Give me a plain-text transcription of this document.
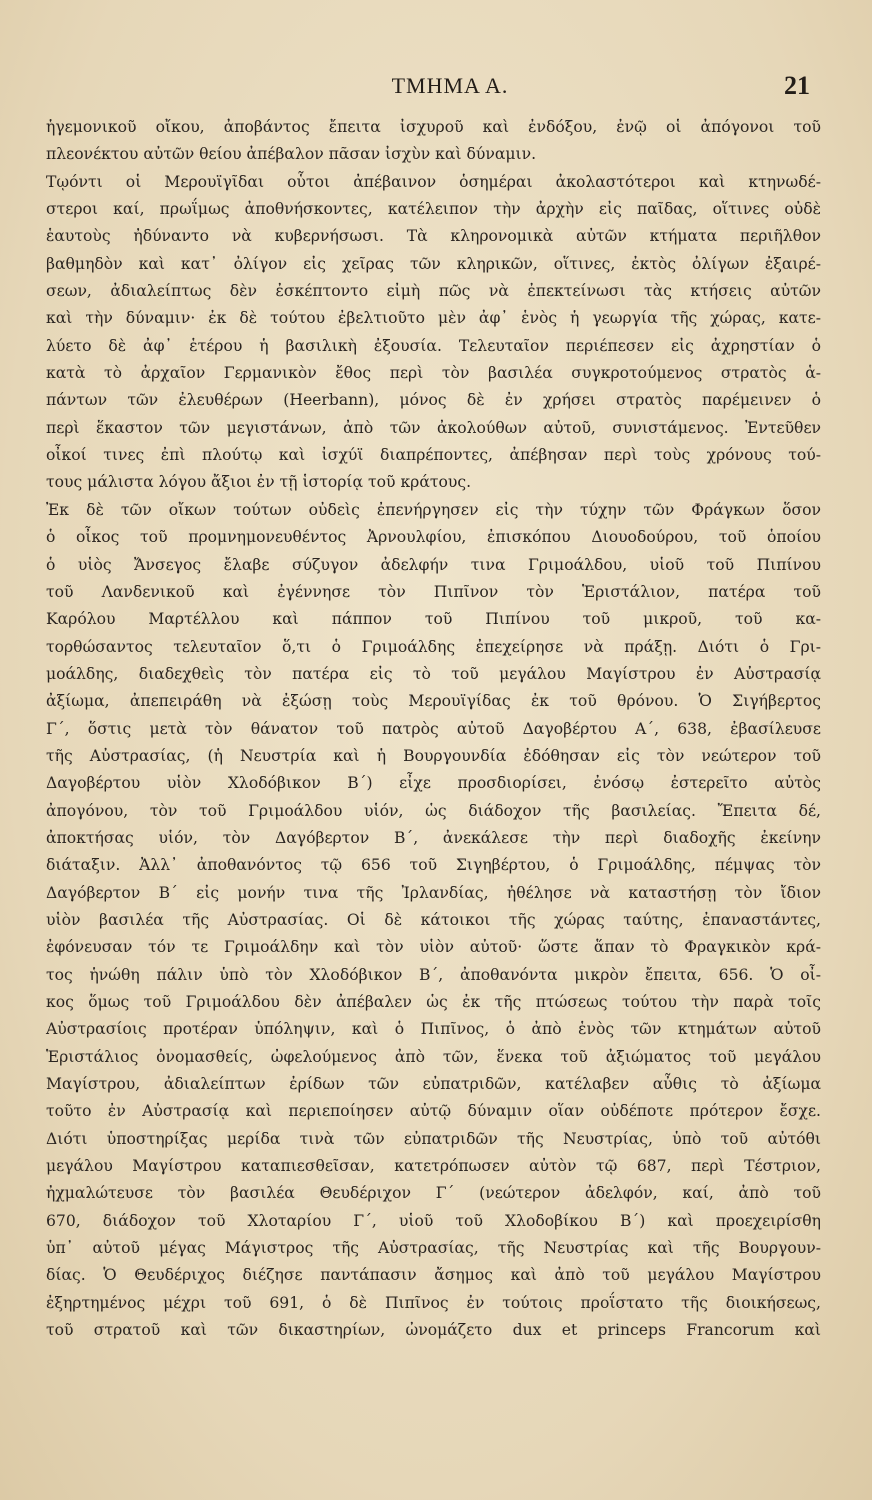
ΤΜΗΜΑ Α.	21
ἡγεμονικοῦ οἴκου, ἀποβάντος ἔπειτα ἰσχυροῦ καὶ ἐνδόξου, ἐνῷ οἱ ἀπόγονοι τοῦ
πλεονέκτου αὐτῶν θείου ἀπέβαλον πᾶσαν ἰσχὺν καὶ δύναμιν.
Τῳόντι οἱ Μερουϊγῖδαι οὗτοι ἀπέβαινον ὁσημέραι ἀκολαστότεροι καὶ κτηνωδέ-
στεροι καί, πρωΐμως ἀποθνήσκοντες, κατέλειπον τὴν ἀρχὴν εἰς παῖδας, οἵτινες οὐδὲ
ἑαυτοὺς ἠδύναντο νὰ κυβερνήσωσι. Τὰ κληρονομικὰ αὐτῶν κτήματα περιῆλθον
βαθμηδὸν καὶ κατ᾽ ὀλίγον εἰς χεῖρας τῶν κληρικῶν, οἵτινες, ἐκτὸς ὀλίγων ἐξαιρέ-
σεων, ἀδιαλείπτως δὲν ἐσκέπτοντο εἰμὴ πῶς νὰ ἐπεκτείνωσι τὰς κτήσεις αὐτῶν
καὶ τὴν δύναμιν· ἐκ δὲ τούτου ἐβελτιοῦτο μὲν ἀφ᾽ ἑνὸς ἡ γεωργία τῆς χώρας, κατε-
λύετο δὲ ἀφ᾽ ἑτέρου ἡ βασιλικὴ ἐξουσία. Τελευταῖον περιέπεσεν εἰς ἀχρηστίαν ὁ
κατὰ τὸ ἀρχαῖον Γερμανικὸν ἔθος περὶ τὸν βασιλέα συγκροτούμενος στρατὸς ἁ-
πάντων τῶν ἐλευθέρων (Heerbann), μόνος δὲ ἐν χρήσει στρατὸς παρέμεινεν ὁ
περὶ ἕκαστον τῶν μεγιστάνων, ἀπὸ τῶν ἀκολούθων αὐτοῦ, συνιστάμενος. Ἐντεῦθεν
οἶκοί τινες ἐπὶ πλούτῳ καὶ ἰσχύϊ διαπρέποντες, ἀπέβησαν περὶ τοὺς χρόνους τού-
τους μάλιστα λόγου ἄξιοι ἐν τῇ ἱστορίᾳ τοῦ κράτους.
Ἐκ δὲ τῶν οἴκων τούτων οὐδεὶς ἐπενήργησεν εἰς τὴν τύχην τῶν Φράγκων ὅσον
ὁ οἶκος τοῦ προμνημονευθέντος Ἀρνουλφίου, ἐπισκόπου Διουοδούρου, τοῦ ὁποίου
ὁ υἱὸς Ἄνσεγος ἔλαβε σύζυγον ἀδελφήν τινα Γριμοάλδου, υἱοῦ τοῦ Πιπίνου
τοῦ Λανδενικοῦ καὶ ἐγέννησε τὸν Πιπῖνον τὸν Ἑριστάλιον, πατέρα τοῦ
Καρόλου Μαρτέλλου καὶ πάππον τοῦ Πιπίνου τοῦ μικροῦ, τοῦ κα-
τορθώσαντος τελευταῖον ὅ,τι ὁ Γριμοάλδης ἐπεχείρησε νὰ πράξῃ. Διότι ὁ Γρι-
μοάλδης, διαδεχθεὶς τὸν πατέρα εἰς τὸ τοῦ μεγάλου Μαγίστρου ἐν Αὐστρασίᾳ
ἀξίωμα, ἀπεπειράθη νὰ ἐξώσῃ τοὺς Μερουϊγίδας ἐκ τοῦ θρόνου. Ὁ Σιγήβερτος
Γ΄, ὅστις μετὰ τὸν θάνατον τοῦ πατρὸς αὐτοῦ Δαγοβέρτου Α΄, 638, ἐβασίλευσε
τῆς Αὐστρασίας, (ἡ Νευστρία καὶ ἡ Βουργουνδία ἐδόθησαν εἰς τὸν νεώτερον τοῦ
Δαγοβέρτου υἱὸν Χλοδόβικον Β΄) εἶχε προσδιορίσει, ἐνόσῳ ἐστερεῖτο αὐτὸς
ἀπογόνου, τὸν τοῦ Γριμοάλδου υἱόν, ὡς διάδοχον τῆς βασιλείας. Ἔπειτα δέ,
ἀποκτήσας υἱόν, τὸν Δαγόβερτον Β΄, ἀνεκάλεσε τὴν περὶ διαδοχῆς ἐκείνην
διάταξιν. Ἀλλ᾽ ἀποθανόντος τῷ 656 τοῦ Σιγηβέρτου, ὁ Γριμοάλδης, πέμψας τὸν
Δαγόβερτον Β΄ εἰς μονήν τινα τῆς Ἰρλανδίας, ἠθέλησε νὰ καταστήσῃ τὸν ἴδιον
υἱὸν βασιλέα τῆς Αὐστρασίας. Οἱ δὲ κάτοικοι τῆς χώρας ταύτης, ἐπαναστάντες,
ἐφόνευσαν τόν τε Γριμοάλδην καὶ τὸν υἱὸν αὐτοῦ· ὥστε ἅπαν τὸ Φραγκικὸν κρά-
τος ἡνώθη πάλιν ὑπὸ τὸν Χλοδόβικον Β΄, ἀποθανόντα μικρὸν ἔπειτα, 656. Ὁ οἶ-
κος ὅμως τοῦ Γριμοάλδου δὲν ἀπέβαλεν ὡς ἐκ τῆς πτώσεως τούτου τὴν παρὰ τοῖς
Αὐστρασίοις προτέραν ὑπόληψιν, καὶ ὁ Πιπῖνος, ὁ ἀπὸ ἑνὸς τῶν κτημάτων αὐτοῦ
Ἑριστάλιος ὀνομασθείς, ὠφελούμενος ἀπὸ τῶν, ἕνεκα τοῦ ἀξιώματος τοῦ μεγάλου
Μαγίστρου, ἀδιαλείπτων ἐρίδων τῶν εὐπατριδῶν, κατέλαβεν αὖθις τὸ ἀξίωμα
τοῦτο ἐν Αὐστρασίᾳ καὶ περιεποίησεν αὐτῷ δύναμιν οἵαν οὐδέποτε πρότερον ἔσχε.
Διότι ὑποστηρίξας μερίδα τινὰ τῶν εὐπατριδῶν τῆς Νευστρίας, ὑπὸ τοῦ αὐτόθι
μεγάλου Μαγίστρου καταπιεσθεῖσαν, κατετρόπωσεν αὐτὸν τῷ 687, περὶ Τέστριον,
ἠχμαλώτευσε τὸν βασιλέα Θευδέριχον Γ΄ (νεώτερον ἀδελφόν, καί, ἀπὸ τοῦ
670, διάδοχον τοῦ Χλοταρίου Γ΄, υἱοῦ τοῦ Χλοδοβίκου Β΄) καὶ προεχειρίσθη
ὑπ᾽ αὐτοῦ μέγας Μάγιστρος τῆς Αὐστρασίας, τῆς Νευστρίας καὶ τῆς Βουργουν-
δίας. Ὁ Θευδέριχος διέζησε παντάπασιν ἄσημος καὶ ἀπὸ τοῦ μεγάλου Μαγίστρου
ἐξηρτημένος μέχρι τοῦ 691, ὁ δὲ Πιπῖνος ἐν τούτοις προΐστατο τῆς διοικήσεως,
τοῦ στρατοῦ καὶ τῶν δικαστηρίων, ὠνομάζετο dux et princeps Francorum καὶ
